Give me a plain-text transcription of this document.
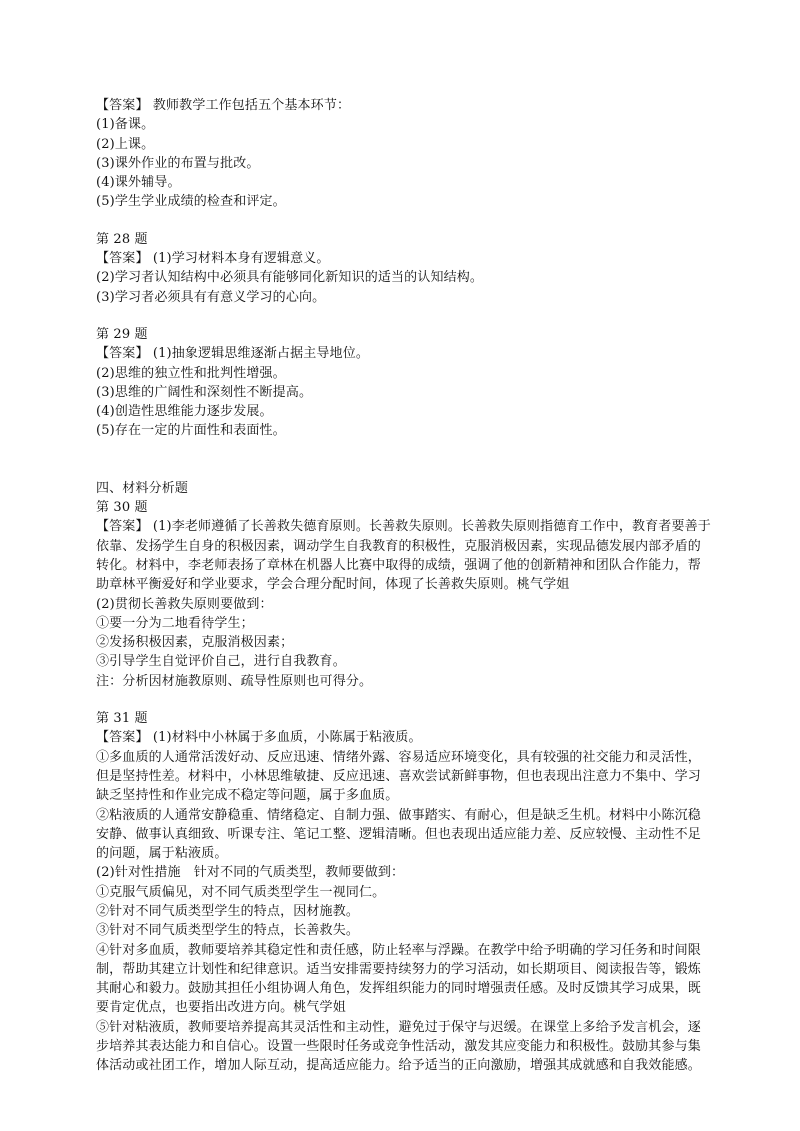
【答案】 教师教学工作包括五个基本环节：
(1)备课。
(2)上课。
(3)课外作业的布置与批改。
(4)课外辅导。
(5)学生学业成绩的检查和评定。
第 28 题
【答案】 (1)学习材料本身有逻辑意义。
(2)学习者认知结构中必须具有能够同化新知识的适当的认知结构。
(3)学习者必须具有有意义学习的心向。
第 29 题
【答案】 (1)抽象逻辑思维逐渐占据主导地位。
(2)思维的独立性和批判性增强。
(3)思维的广阔性和深刻性不断提高。
(4)创造性思维能力逐步发展。
(5)存在一定的片面性和表面性。
四、材料分析题
第 30 题
【答案】 (1)李老师遵循了长善救失德育原则。长善救失原则。长善救失原则指德育工作中，教育者要善于依靠、发扬学生自身的积极因素，调动学生自我教育的积极性，克服消极因素，实现品德发展内部矛盾的转化。材料中，李老师表扬了章林在机器人比赛中取得的成绩，强调了他的创新精神和团队合作能力，帮助章林平衡爱好和学业要求，学会合理分配时间，体现了长善救失原则。桃气学姐
(2)贯彻长善救失原则要做到：
①要一分为二地看待学生；
②发扬积极因素，克服消极因素；
③引导学生自觉评价自己，进行自我教育。
注：分析因材施教原则、疏导性原则也可得分。
第 31 题
【答案】 (1)材料中小林属于多血质，小陈属于粘液质。
①多血质的人通常活泼好动、反应迅速、情绪外露、容易适应环境变化，具有较强的社交能力和灵活性，但是坚持性差。材料中，小林思维敏捷、反应迅速、喜欢尝试新鲜事物，但也表现出注意力不集中、学习缺乏坚持性和作业完成不稳定等问题，属于多血质。
②粘液质的人通常安静稳重、情绪稳定、自制力强、做事踏实、有耐心，但是缺乏生机。材料中小陈沉稳安静、做事认真细致、听课专注、笔记工整、逻辑清晰。但也表现出适应能力差、反应较慢、主动性不足的问题，属于粘液质。
(2)针对性措施　针对不同的气质类型，教师要做到：
①克服气质偏见，对不同气质类型学生一视同仁。
②针对不同气质类型学生的特点，因材施教。
③针对不同气质类型学生的特点，长善救失。
④针对多血质，教师要培养其稳定性和责任感，防止轻率与浮躁。在教学中给予明确的学习任务和时间限制，帮助其建立计划性和纪律意识。适当安排需要持续努力的学习活动，如长期项目、阅读报告等，锻炼其耐心和毅力。鼓励其担任小组协调人角色，发挥组织能力的同时增强责任感。及时反馈其学习成果，既要肯定优点，也要指出改进方向。桃气学姐
⑤针对粘液质，教师要培养提高其灵活性和主动性，避免过于保守与迟缓。在课堂上多给予发言机会，逐步培养其表达能力和自信心。设置一些限时任务或竞争性活动，激发其应变能力和积极性。鼓励其参与集体活动或社团工作，增加人际互动，提高适应能力。给予适当的正向激励，增强其成就感和自我效能感。
